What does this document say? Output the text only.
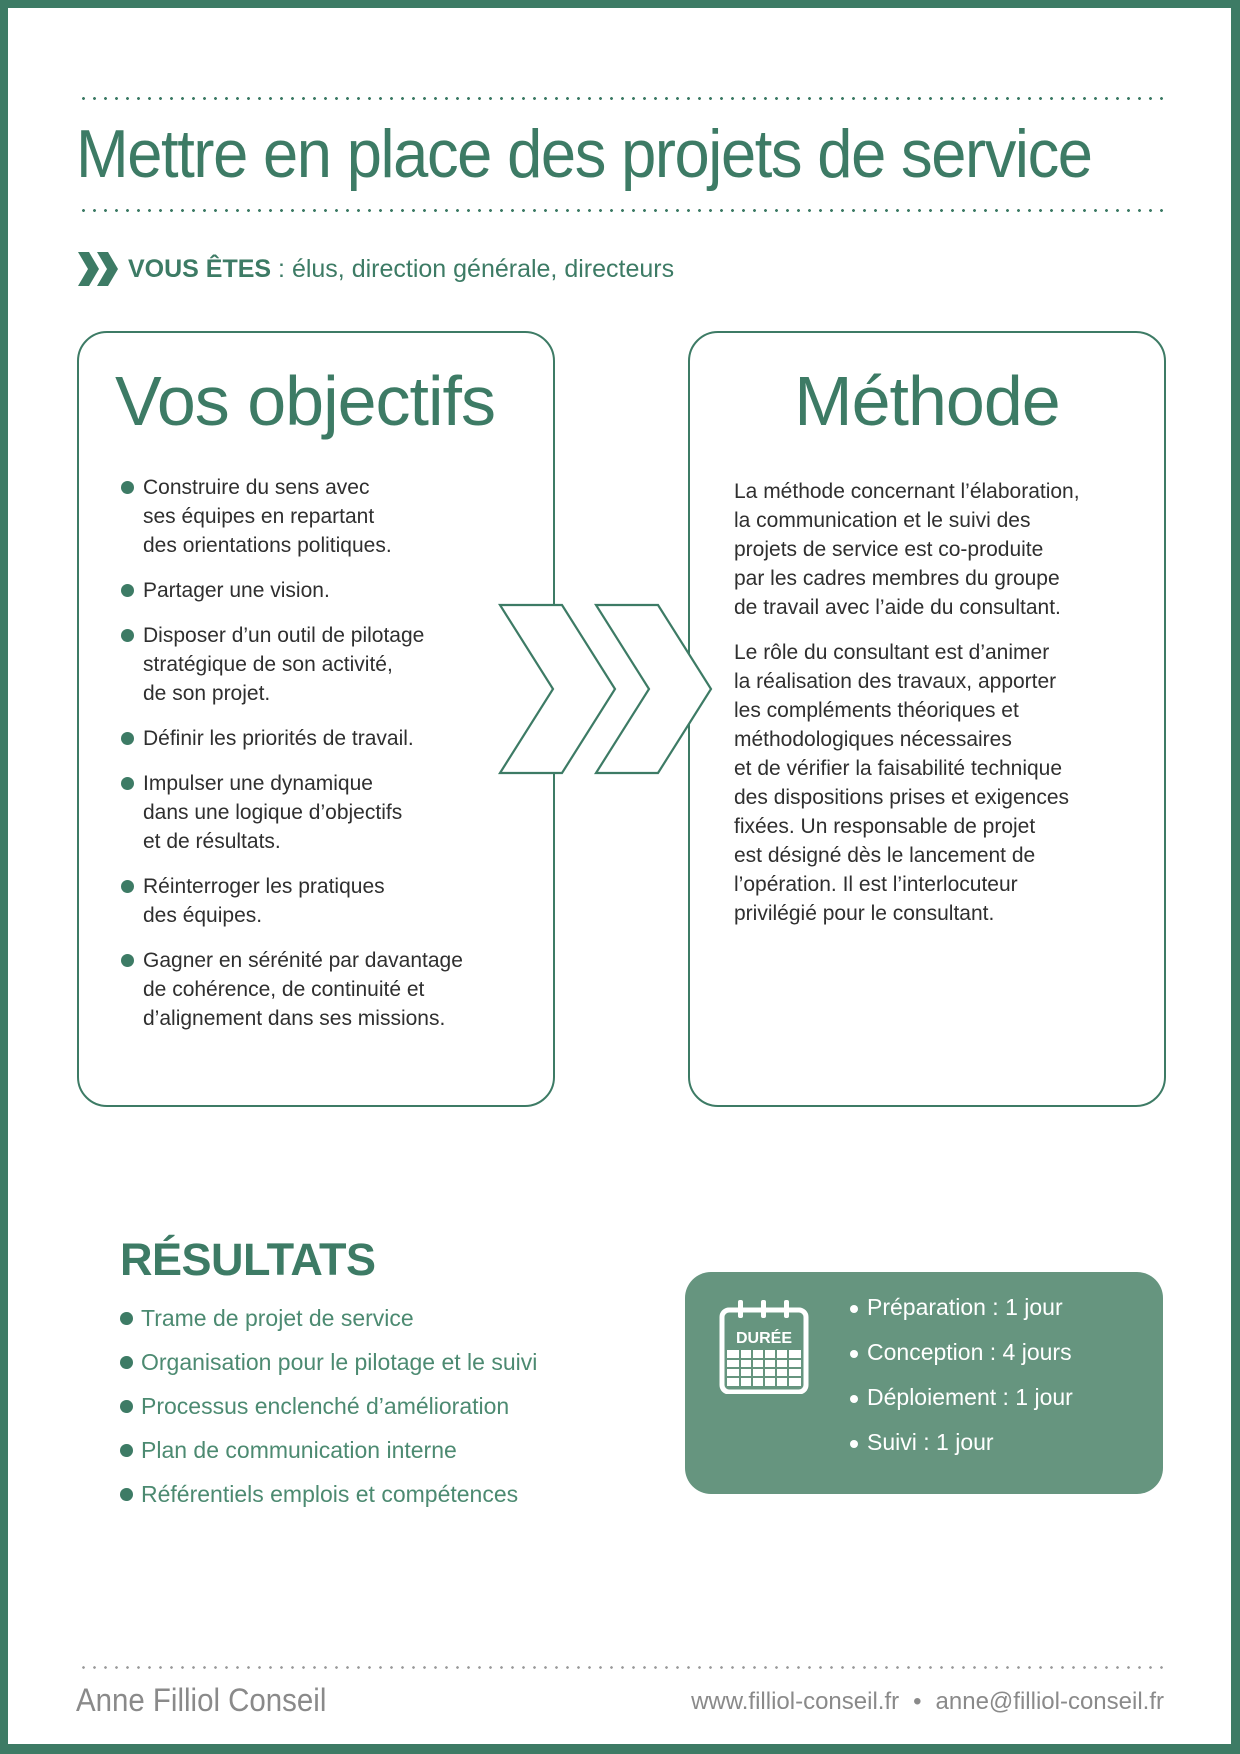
Mettre en place des projets de service
VOUS ÊTES : élus, direction générale, directeurs
Vos objectifs
Construire du sens avec
ses équipes en repartant
des orientations politiques.
Partager une vision.
Disposer d’un outil de pilotage
stratégique de son activité,
de son projet.
Définir les priorités de travail.
Impulser une dynamique
dans une logique d’objectifs
et de résultats.
Réinterroger les pratiques
des équipes.
Gagner en sérénité par davantage
de cohérence, de continuité et
d’alignement dans ses missions.
Méthode

La méthode concernant l’élaboration,
la communication et le suivi des
projets de service est co-produite
par les cadres membres du groupe
de travail avec l’aide du consultant.

Le rôle du consultant est d’animer
la réalisation des travaux, apporter
les compléments théoriques et
méthodologiques nécessaires
et de vérifier la faisabilité technique
des dispositions prises et exigences
fixées. Un responsable de projet
est désigné dès le lancement de
l’opération. Il est l’interlocuteur
privilégié pour le consultant.

RÉSULTATS
Trame de projet de service
Organisation pour le pilotage et le suivi
Processus enclenché d’amélioration
Plan de communication interne
Référentiels emplois et compétences
DURÉE
Préparation : 1 jour
Conception : 4 jours
Déploiement : 1 jour
Suivi : 1 jour
Anne Filliol Conseil	www.filliol-conseil.fr • anne@filliol-conseil.fr
